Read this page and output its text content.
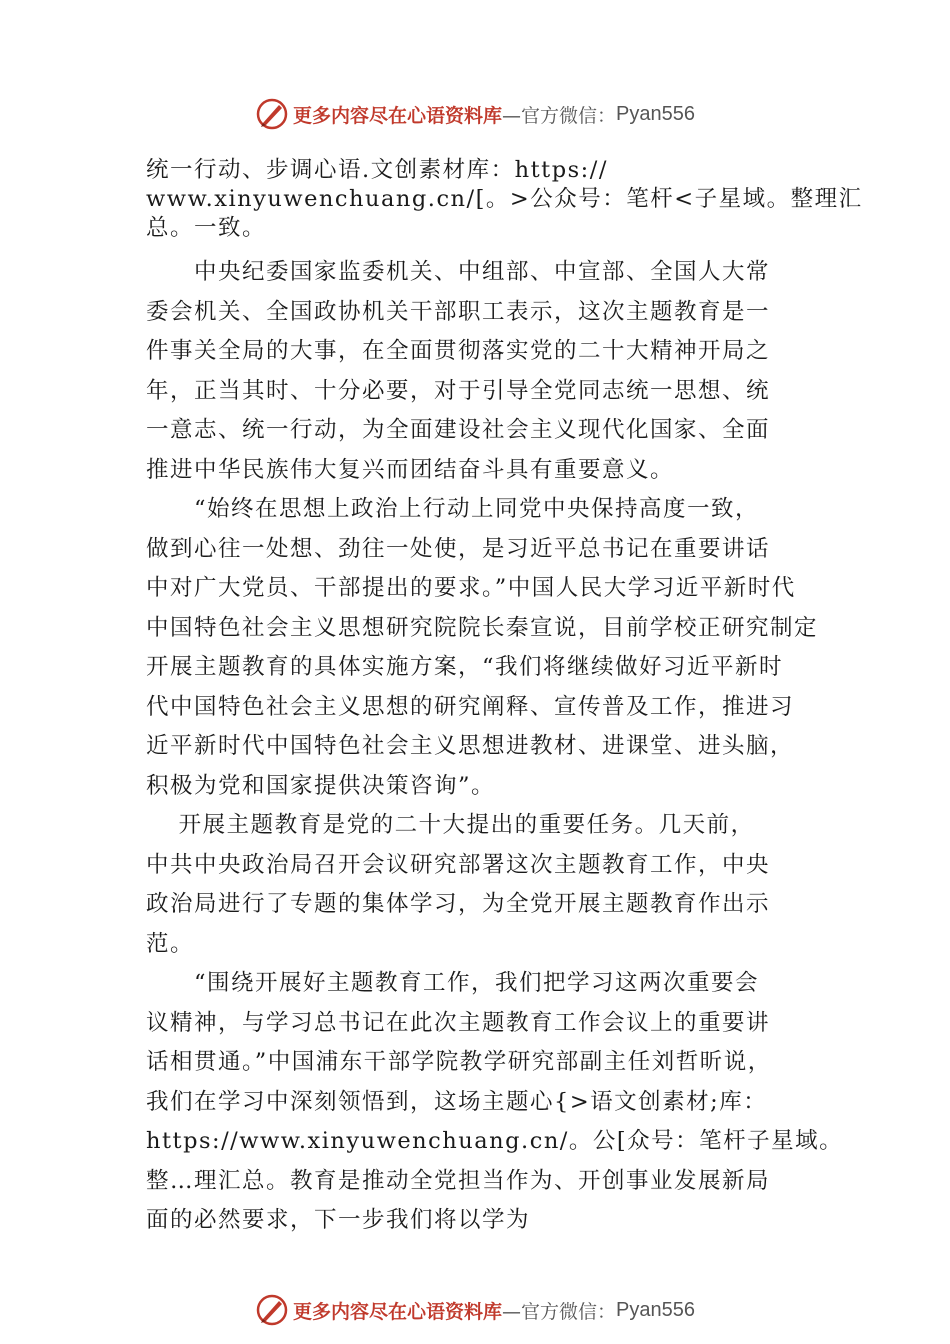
更多内容尽在心语资料库 —官方微信： Pyan556
统一行动、步调心语.文创素材库：https://
www.xinyuwenchuang.cn/[。>公众号：笔杆<子星域。整理汇
总。一致。
　　中央纪委国家监委机关、中组部、中宣部、全国人大常
委会机关、全国政协机关干部职工表示，这次主题教育是一
件事关全局的大事，在全面贯彻落实党的二十大精神开局之
年，正当其时、十分必要，对于引导全党同志统一思想、统
一意志、统一行动，为全面建设社会主义现代化国家、全面
推进中华民族伟大复兴而团结奋斗具有重要意义。
　　“始终在思想上政治上行动上同党中央保持高度一致，
做到心往一处想、劲往一处使，是习近平总书记在重要讲话
中对广大党员、干部提出的要求。”中国人民大学习近平新时代
中国特色社会主义思想研究院院长秦宣说，目前学校正研究制定
开展主题教育的具体实施方案，“我们将继续做好习近平新时
代中国特色社会主义思想的研究阐释、宣传普及工作，推进习
近平新时代中国特色社会主义思想进教材、进课堂、进头脑，
积极为党和国家提供决策咨询”。
　 开展主题教育是党的二十大提出的重要任务。几天前，
中共中央政治局召开会议研究部署这次主题教育工作，中央
政治局进行了专题的集体学习，为全党开展主题教育作出示
范。
　　“围绕开展好主题教育工作，我们把学习这两次重要会
议精神，与学习总书记在此次主题教育工作会议上的重要讲
话相贯通。”中国浦东干部学院教学研究部副主任刘哲昕说，
我们在学习中深刻领悟到，这场主题心{>语文创素材;库：
https://www.xinyuwenchuang.cn/。公[众号：笔杆子星域。
整…理汇总。教育是推动全党担当作为、开创事业发展新局
面的必然要求，下一步我们将以学为
更多内容尽在心语资料库 —官方微信： Pyan556
